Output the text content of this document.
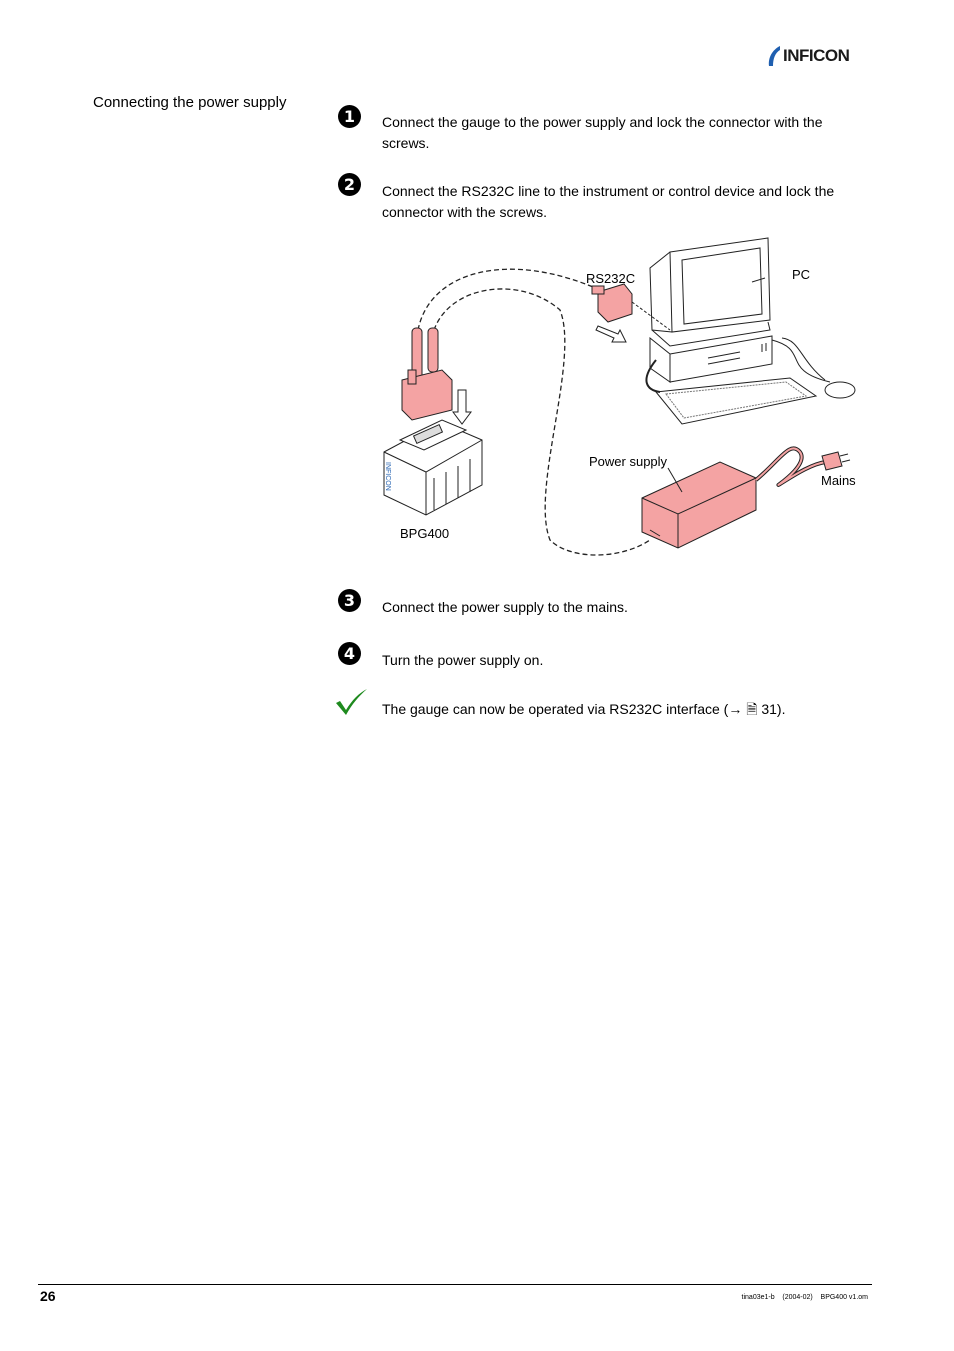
INFICON
Connecting the power supply
1	Connect the gauge to the power supply and lock the connector with the screws.
2	Connect the RS232C line to the instrument or control device and lock the connector with the screws.
INFICON
RS232C	PC
Power supply
Mains
BPG400
3	Connect the power supply to the mains.
4	Turn the power supply on.
The gauge can now be operated via RS232C interface (→ 🗎 31).
26	tina03e1-b    (2004-02)    BPG400 v1.om
